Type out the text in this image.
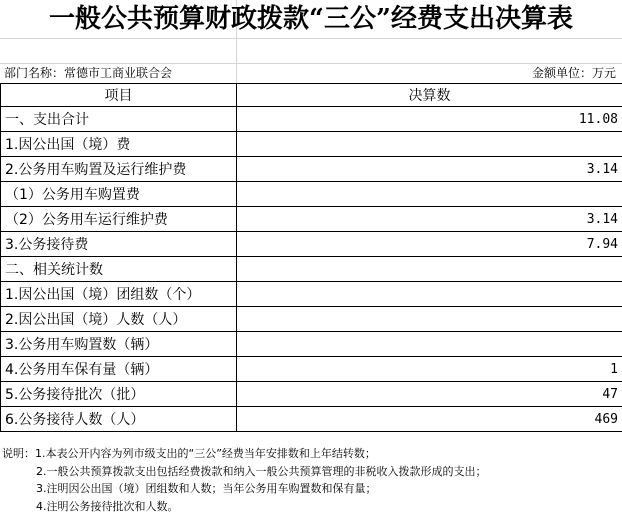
一般公共预算财政拨款“三公”经费支出决算表
部门名称：常德市工商业联合会	金额单位：万元
项目	决算数
一、支出合计	11.08
1.因公出国（境）费	
2.公务用车购置及运行维护费	3.14
（1）公务用车购置费	
（2）公务用车运行维护费	3.14
3.公务接待费	7.94
二、相关统计数	
1.因公出国（境）团组数（个）	
2.因公出国（境）人数（人）	
3.公务用车购置数（辆）	
4.公务用车保有量（辆）	1
5.公务接待批次（批）	47
6.公务接待人数（人）	469
说明：1.本表公开内容为列市级支出的“三公”经费当年安排数和上年结转数；
2.一般公共预算拨款支出包括经费拨款和纳入一般公共预算管理的非税收入拨款形成的支出；
3.注明因公出国（境）团组数和人数；当年公务用车购置数和保有量；
4.注明公务接待批次和人数。
